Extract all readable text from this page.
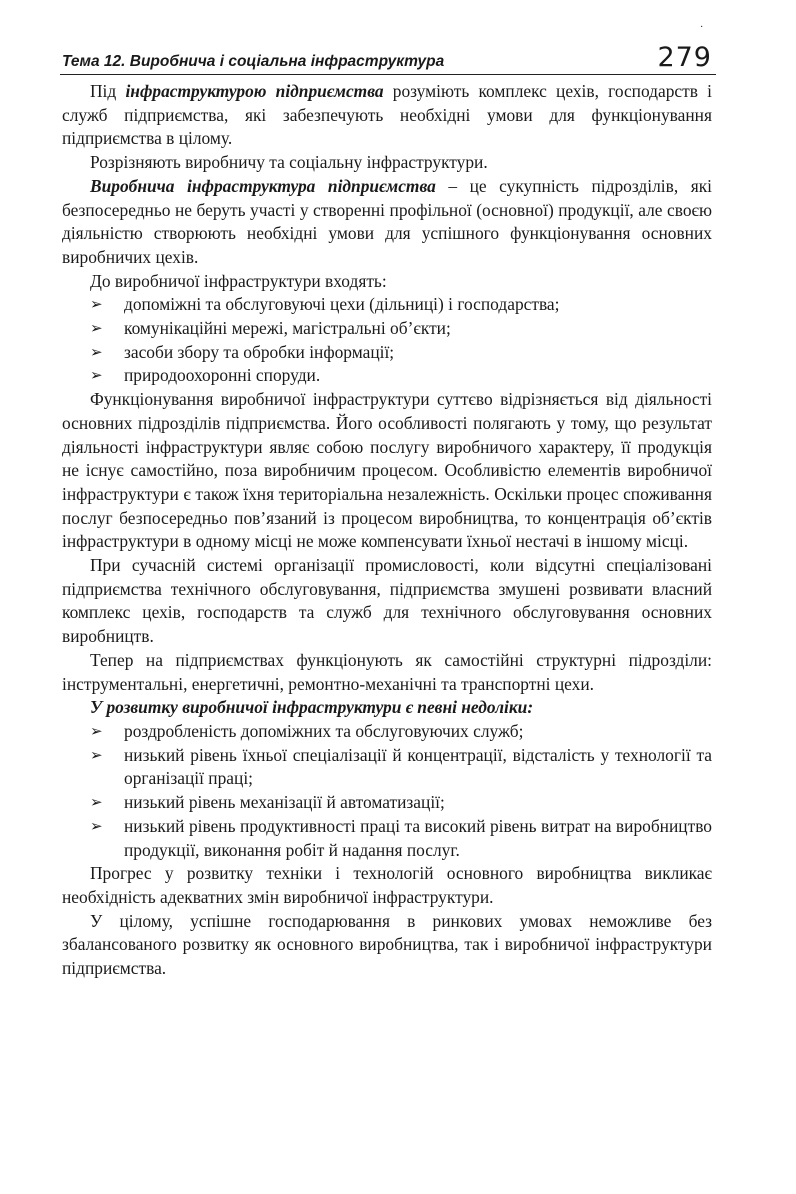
·
Тема 12. Виробнича і соціальна інфраструктура	279

Під інфраструктурою підприємства розуміють комплекс цехів, господарств і служб підприємства, які забезпечують необхідні умови для функціонування підприємства в цілому.

Розрізняють виробничу та соціальну інфраструктури.

Виробнича інфраструктура підприємства – це сукупність підрозділів, які безпосередньо не беруть участі у створенні профільної (основної) продукції, але своєю діяльністю створюють необхідні умови для успішного функціонування основних виробничих цехів.

До виробничої інфраструктури входять:

➢ допоміжні та обслуговуючі цехи (дільниці) і господарства;
➢ комунікаційні мережі, магістральні об’єкти;
➢ засоби збору та обробки інформації;
➢ природоохоронні споруди.

Функціонування виробничої інфраструктури суттєво відрізняється від діяльності основних підрозділів підприємства. Його особливості полягають у тому, що результат діяльності інфраструктури являє собою послугу виробничого характеру, її продукція не існує самостійно, поза виробничим процесом. Особливістю елементів виробничої інфраструктури є також їхня територіальна незалежність. Оскільки процес споживання послуг безпосередньо пов’язаний із процесом виробництва, то концентрація об’єктів інфраструктури в одному місці не може компенсувати їхньої нестачі в іншому місці.

При сучасній системі організації промисловості, коли відсутні спеціалізовані підприємства технічного обслуговування, підприємства змушені розвивати власний комплекс цехів, господарств та служб для технічного обслуговування основних виробництв.

Тепер на підприємствах функціонують як самостійні структурні підрозділи: інструментальні, енергетичні, ремонтно-механічні та транспортні цехи.

У розвитку виробничої інфраструктури є певні недоліки:

➢ роздробленість допоміжних та обслуговуючих служб;
➢ низький рівень їхньої спеціалізації й концентрації, відсталість у технології та організації праці;
➢ низький рівень механізації й автоматизації;
➢ низький рівень продуктивності праці та високий рівень витрат на виробництво продукції, виконання робіт й надання послуг.

Прогрес у розвитку техніки і технологій основного виробництва викликає необхідність адекватних змін виробничої інфраструктури.

У цілому, успішне господарювання в ринкових умовах неможливе без збалансованого розвитку як основного виробництва, так і виробничої інфраструктури підприємства.
